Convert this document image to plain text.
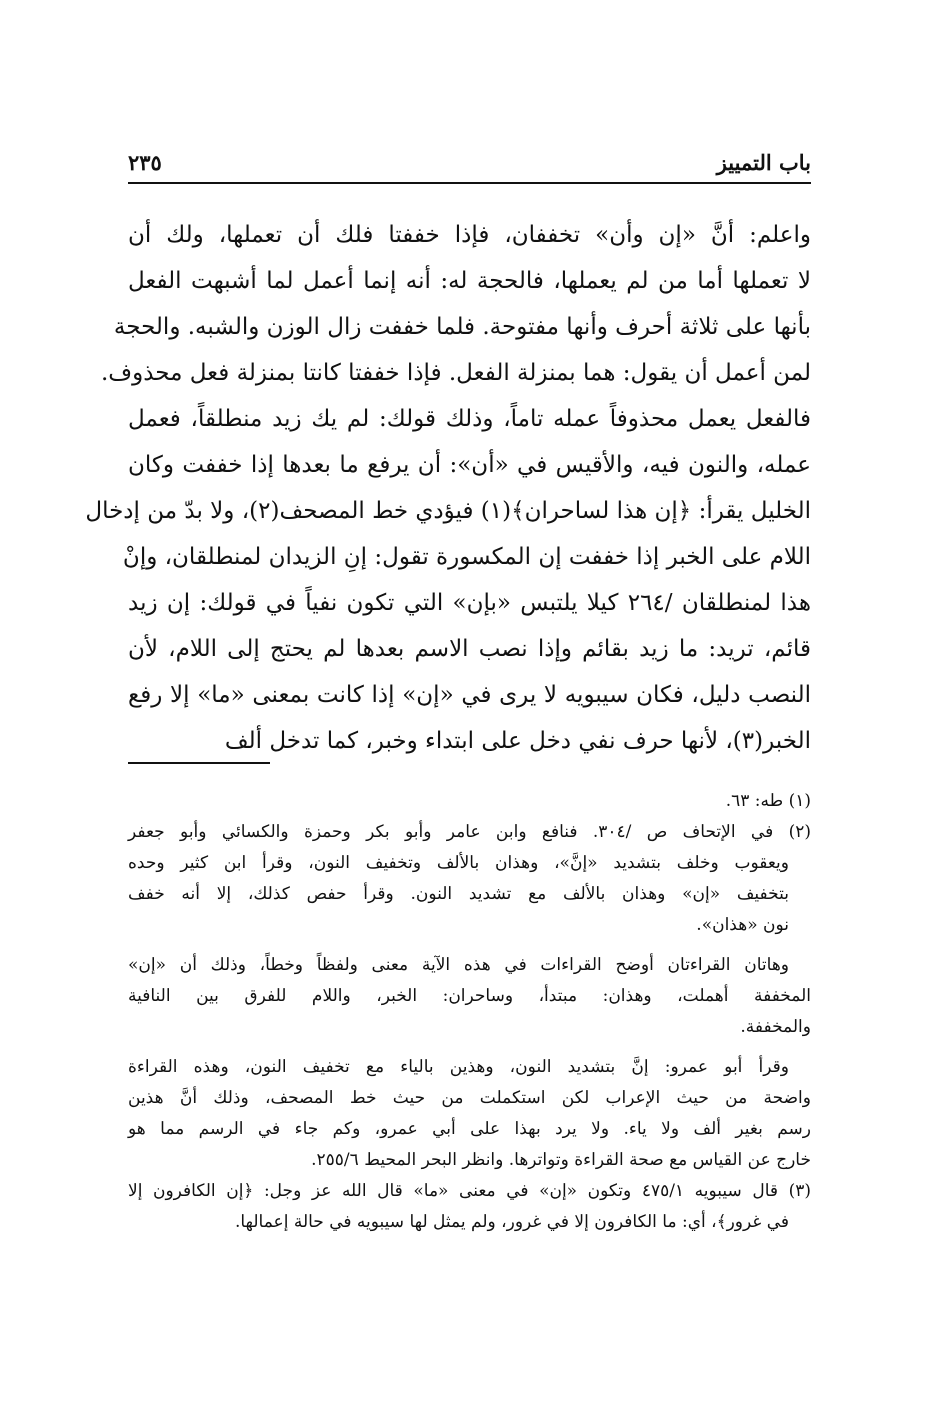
باب التمييز
٢٣٥
واعلم: أنَّ «إن وأن» تخففان، فإذا خففتا فلك أن تعملها، ولك أن
لا تعملها أما من لم يعملها، فالحجة له: أنه إنما أعمل لما أشبهت الفعل
بأنها على ثلاثة أحرف وأنها مفتوحة. فلما خففت زال الوزن والشبه. والحجة
لمن أعمل أن يقول: هما بمنزلة الفعل. فإذا خففتا كانتا بمنزلة فعل محذوف.
فالفعل يعمل محذوفاً عمله تاماً، وذلك قولك: لم يك زيد منطلقاً، فعمل
عمله، والنون فيه، والأقيس في «أن»: أن يرفع ما بعدها إذا خففت وكان
الخليل يقرأ: ﴿إن هذا لساحران﴾(١) فيؤدي خط المصحف(٢)، ولا بدّ من إدخال
اللام على الخبر إذا خففت إن المكسورة تقول: إنِ الزيدان لمنطلقان، وإنْ
هذا لمنطلقان /٢٦٤ كيلا يلتبس «بإن» التي تكون نفياً في قولك: إن زيد
قائم، تريد: ما زيد بقائم وإذا نصب الاسم بعدها لم يحتج إلى اللام، لأن
النصب دليل، فكان سيبويه لا يرى في «إن» إذا كانت بمعنى «ما» إلا رفع
الخبر(٣)، لأنها حرف نفي دخل على ابتداء وخبر، كما تدخل ألف
(١) طه: ٦٣.
(٢) في الإتحاف ص /٣٠٤. فنافع وابن عامر وأبو بكر وحمزة والكسائي وأبو جعفر
ويعقوب وخلف بتشديد «إنَّ»، وهذان بالألف وتخفيف النون، وقرأ ابن كثير وحده
بتخفيف «إن» وهذان بالألف مع تشديد النون. وقرأ حفص كذلك، إلا أنه خفف
نون «هذان».
وهاتان القراءتان أوضح القراءات في هذه الآية معنى ولفظاً وخطاً، وذلك أن «إن»
المخففة أهملت، وهذان: مبتدأ، وساحران: الخبر، واللام للفرق بين النافية
والمخففة.
وقرأ أبو عمرو: إنَّ بتشديد النون، وهذين بالياء مع تخفيف النون، وهذه القراءة
واضحة من حيث الإعراب لكن استكملت من حيث خط المصحف، وذلك أنَّ هذين
رسم بغير ألف ولا ياء. ولا يرد بهذا على أبي عمرو، وكم جاء في الرسم مما هو
خارج عن القياس مع صحة القراءة وتواترها. وانظر البحر المحيط ٢٥٥/٦.
(٣) قال سيبويه ٤٧٥/١ وتكون «إن» في معنى «ما» قال الله عز وجل: ﴿إن الكافرون إلا
في غرور﴾، أي: ما الكافرون إلا في غرور، ولم يمثل لها سيبويه في حالة إعمالها.
